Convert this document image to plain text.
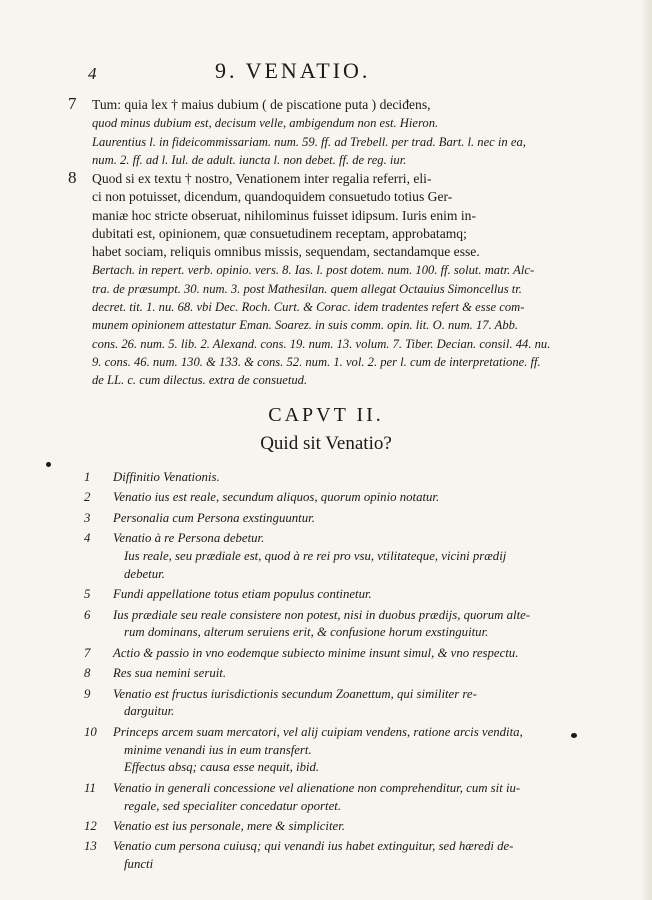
4	9. VENATIO.
7 Tum: quia lex † maius dubium ( de piscatione puta ) deciđens,
quod minus dubium est, decisum velle, ambigendum non est. Hieron.
Laurentius l. in fideicommissariam. num. 59. ff. ad Trebell. per trad. Bart. l. nec in ea,
num. 2. ff. ad l. Iul. de adult. iuncta l. non debet. ff. de reg. iur.
8 Quod si ex textu † nostro, Venationem inter regalia referri, eli-
ci non potuisset, dicendum, quandoquidem consuetudo totius Ger-
maniæ hoc stricte obseruat, nihilominus fuisset idipsum. Iuris enim in-
dubitati est, opinionem, quæ consuetudinem receptam, approbatamq;
habet sociam, reliquis omnibus missis, sequendam, sectandamque esse.
Bertach. in repert. verb. opinio. vers. 8. Ias. l. post dotem. num. 100. ff. solut. matr. Alc-
tra. de præsumpt. 30. num. 3. post Mathesilan. quem allegat Octauius Simoncellus tr.
decret. tit. 1. nu. 68. vbi Dec. Roch. Curt. & Corac. idem tradentes refert & esse com-
munem opinionem attestatur Eman. Soarez. in suis comm. opin. lit. O. num. 17. Abb.
cons. 26. num. 5. lib. 2. Alexand. cons. 19. num. 13. volum. 7. Tiber. Decian. consil. 44. nu.
9. cons. 46. num. 130. & 133. & cons. 52. num. 1. vol. 2. per l. cum de interpretatione. ff.
de LL. c. cum dilectus. extra de consuetud.
CAPVT II.
Quid sit Venatio?
1	Diffinitio Venationis.
2	Venatio ius est reale, secundum aliquos, quorum opinio notatur.
3	Personalia cum Persona exstinguuntur.
4	Venatio à re Persona debetur.
Ius reale, seu prædiale est, quod à re rei pro vsu, vtilitateque, vicini prædij
debetur.
5	Fundi appellatione totus etiam populus continetur.
6	Ius prædiale seu reale consistere non potest, nisi in duobus prædijs, quorum alte-
rum dominans, alterum seruiens erit, & confusione horum exstinguitur.
7	Actio & passio in vno eodemque subiecto minime insunt simul, & vno respectu.
8	Res sua nemini seruit.
9	Venatio est fructus iurisdictionis secundum Zoanettum, qui similiter re-
darguitur.
10	Princeps arcem suam mercatori, vel alij cuipiam vendens, ratione arcis vendita,
minime venandi ius in eum transfert.
Effectus absq; causa esse nequit, ibid.
11	Venatio in generali concessione vel alienatione non comprehenditur, cum sit iu-
regale, sed specialiter concedatur oportet.
12	Venatio est ius personale, mere & simpliciter.
13	Venatio cum persona cuiusq; qui venandi ius habet extinguitur, sed hæredi de-
functi
